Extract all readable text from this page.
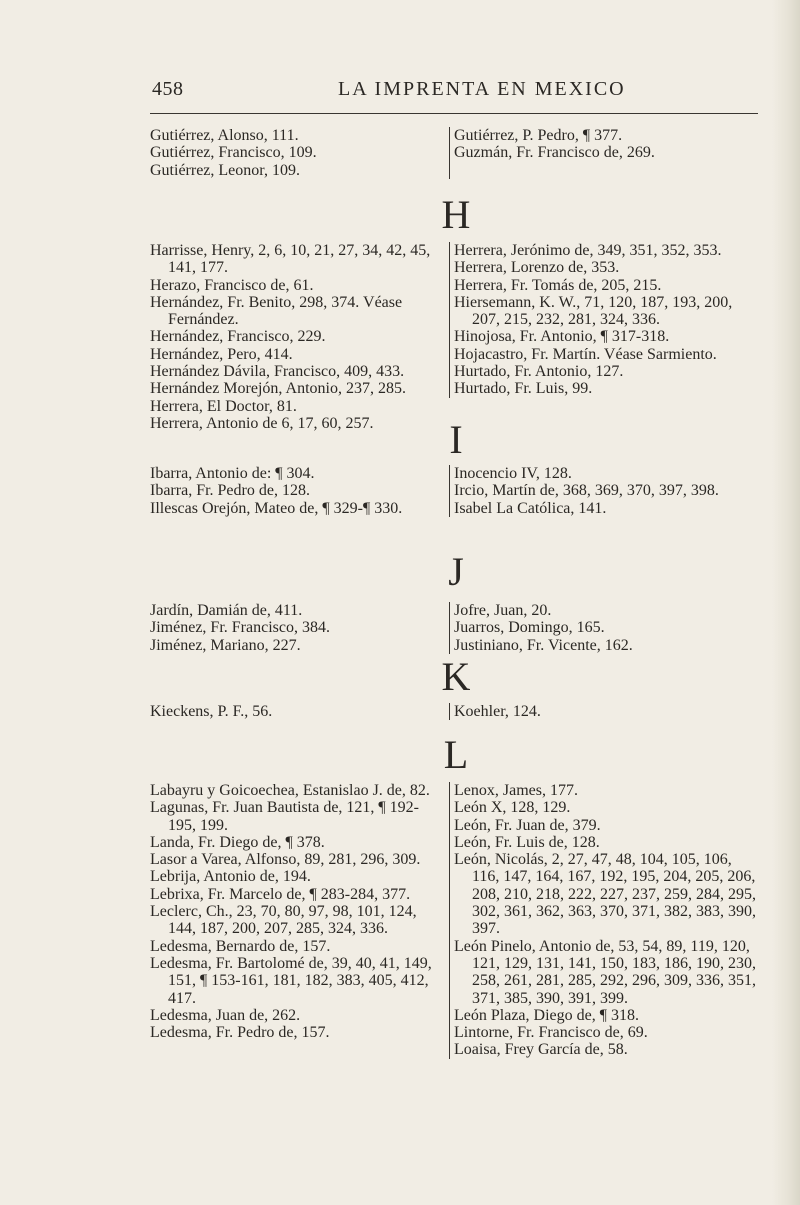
458	LA IMPRENTA EN MEXICO

Gutiérrez, Alonso, 111.

Gutiérrez, Francisco, 109.

Gutiérrez, Leonor, 109.

Gutiérrez, P. Pedro, ¶ 377.

Guzmán, Fr. Francisco de, 269.

H

Harrisse, Henry, 2, 6, 10, 21, 27, 34, 42, 45, 141, 177.

Herazo, Francisco de, 61.

Hernández, Fr. Benito, 298, 374. Véase Fernández.

Hernández, Francisco, 229.

Hernández, Pero, 414.

Hernández Dávila, Francisco, 409, 433.

Hernández Morejón, Antonio, 237, 285.

Herrera, El Doctor, 81.

Herrera, Antonio de 6, 17, 60, 257.

Herrera, Jerónimo de, 349, 351, 352, 353.

Herrera, Lorenzo de, 353.

Herrera, Fr. Tomás de, 205, 215.

Hiersemann, K. W., 71, 120, 187, 193, 200, 207, 215, 232, 281, 324, 336.

Hinojosa, Fr. Antonio, ¶ 317-318.

Hojacastro, Fr. Martín. Véase Sarmiento.

Hurtado, Fr. Antonio, 127.

Hurtado, Fr. Luis, 99.

I

Ibarra, Antonio de: ¶ 304.

Ibarra, Fr. Pedro de, 128.

Illescas Orejón, Mateo de, ¶ 329-¶ 330.

Inocencio IV, 128.

Ircio, Martín de, 368, 369, 370, 397, 398.

Isabel La Católica, 141.

J

Jardín, Damián de, 411.

Jiménez, Fr. Francisco, 384.

Jiménez, Mariano, 227.

Jofre, Juan, 20.

Juarros, Domingo, 165.

Justiniano, Fr. Vicente, 162.

K

Kieckens, P. F., 56.	Koehler, 124.

L

Labayru y Goicoechea, Estanislao J. de, 82.

Lagunas, Fr. Juan Bautista de, 121, ¶ 192-195, 199.

Landa, Fr. Diego de, ¶ 378.

Lasor a Varea, Alfonso, 89, 281, 296, 309.

Lebrija, Antonio de, 194.

Lebrixa, Fr. Marcelo de, ¶ 283-284, 377.

Leclerc, Ch., 23, 70, 80, 97, 98, 101, 124, 144, 187, 200, 207, 285, 324, 336.

Ledesma, Bernardo de, 157.

Ledesma, Fr. Bartolomé de, 39, 40, 41, 149, 151, ¶ 153-161, 181, 182, 383, 405, 412, 417.

Ledesma, Juan de, 262.

Ledesma, Fr. Pedro de, 157.

Lenox, James, 177.

León X, 128, 129.

León, Fr. Juan de, 379.

León, Fr. Luis de, 128.

León, Nicolás, 2, 27, 47, 48, 104, 105, 106, 116, 147, 164, 167, 192, 195, 204, 205, 206, 208, 210, 218, 222, 227, 237, 259, 284, 295, 302, 361, 362, 363, 370, 371, 382, 383, 390, 397.

León Pinelo, Antonio de, 53, 54, 89, 119, 120, 121, 129, 131, 141, 150, 183, 186, 190, 230, 258, 261, 281, 285, 292, 296, 309, 336, 351, 371, 385, 390, 391, 399.

León Plaza, Diego de, ¶ 318.

Lintorne, Fr. Francisco de, 69.

Loaisa, Frey García de, 58.
